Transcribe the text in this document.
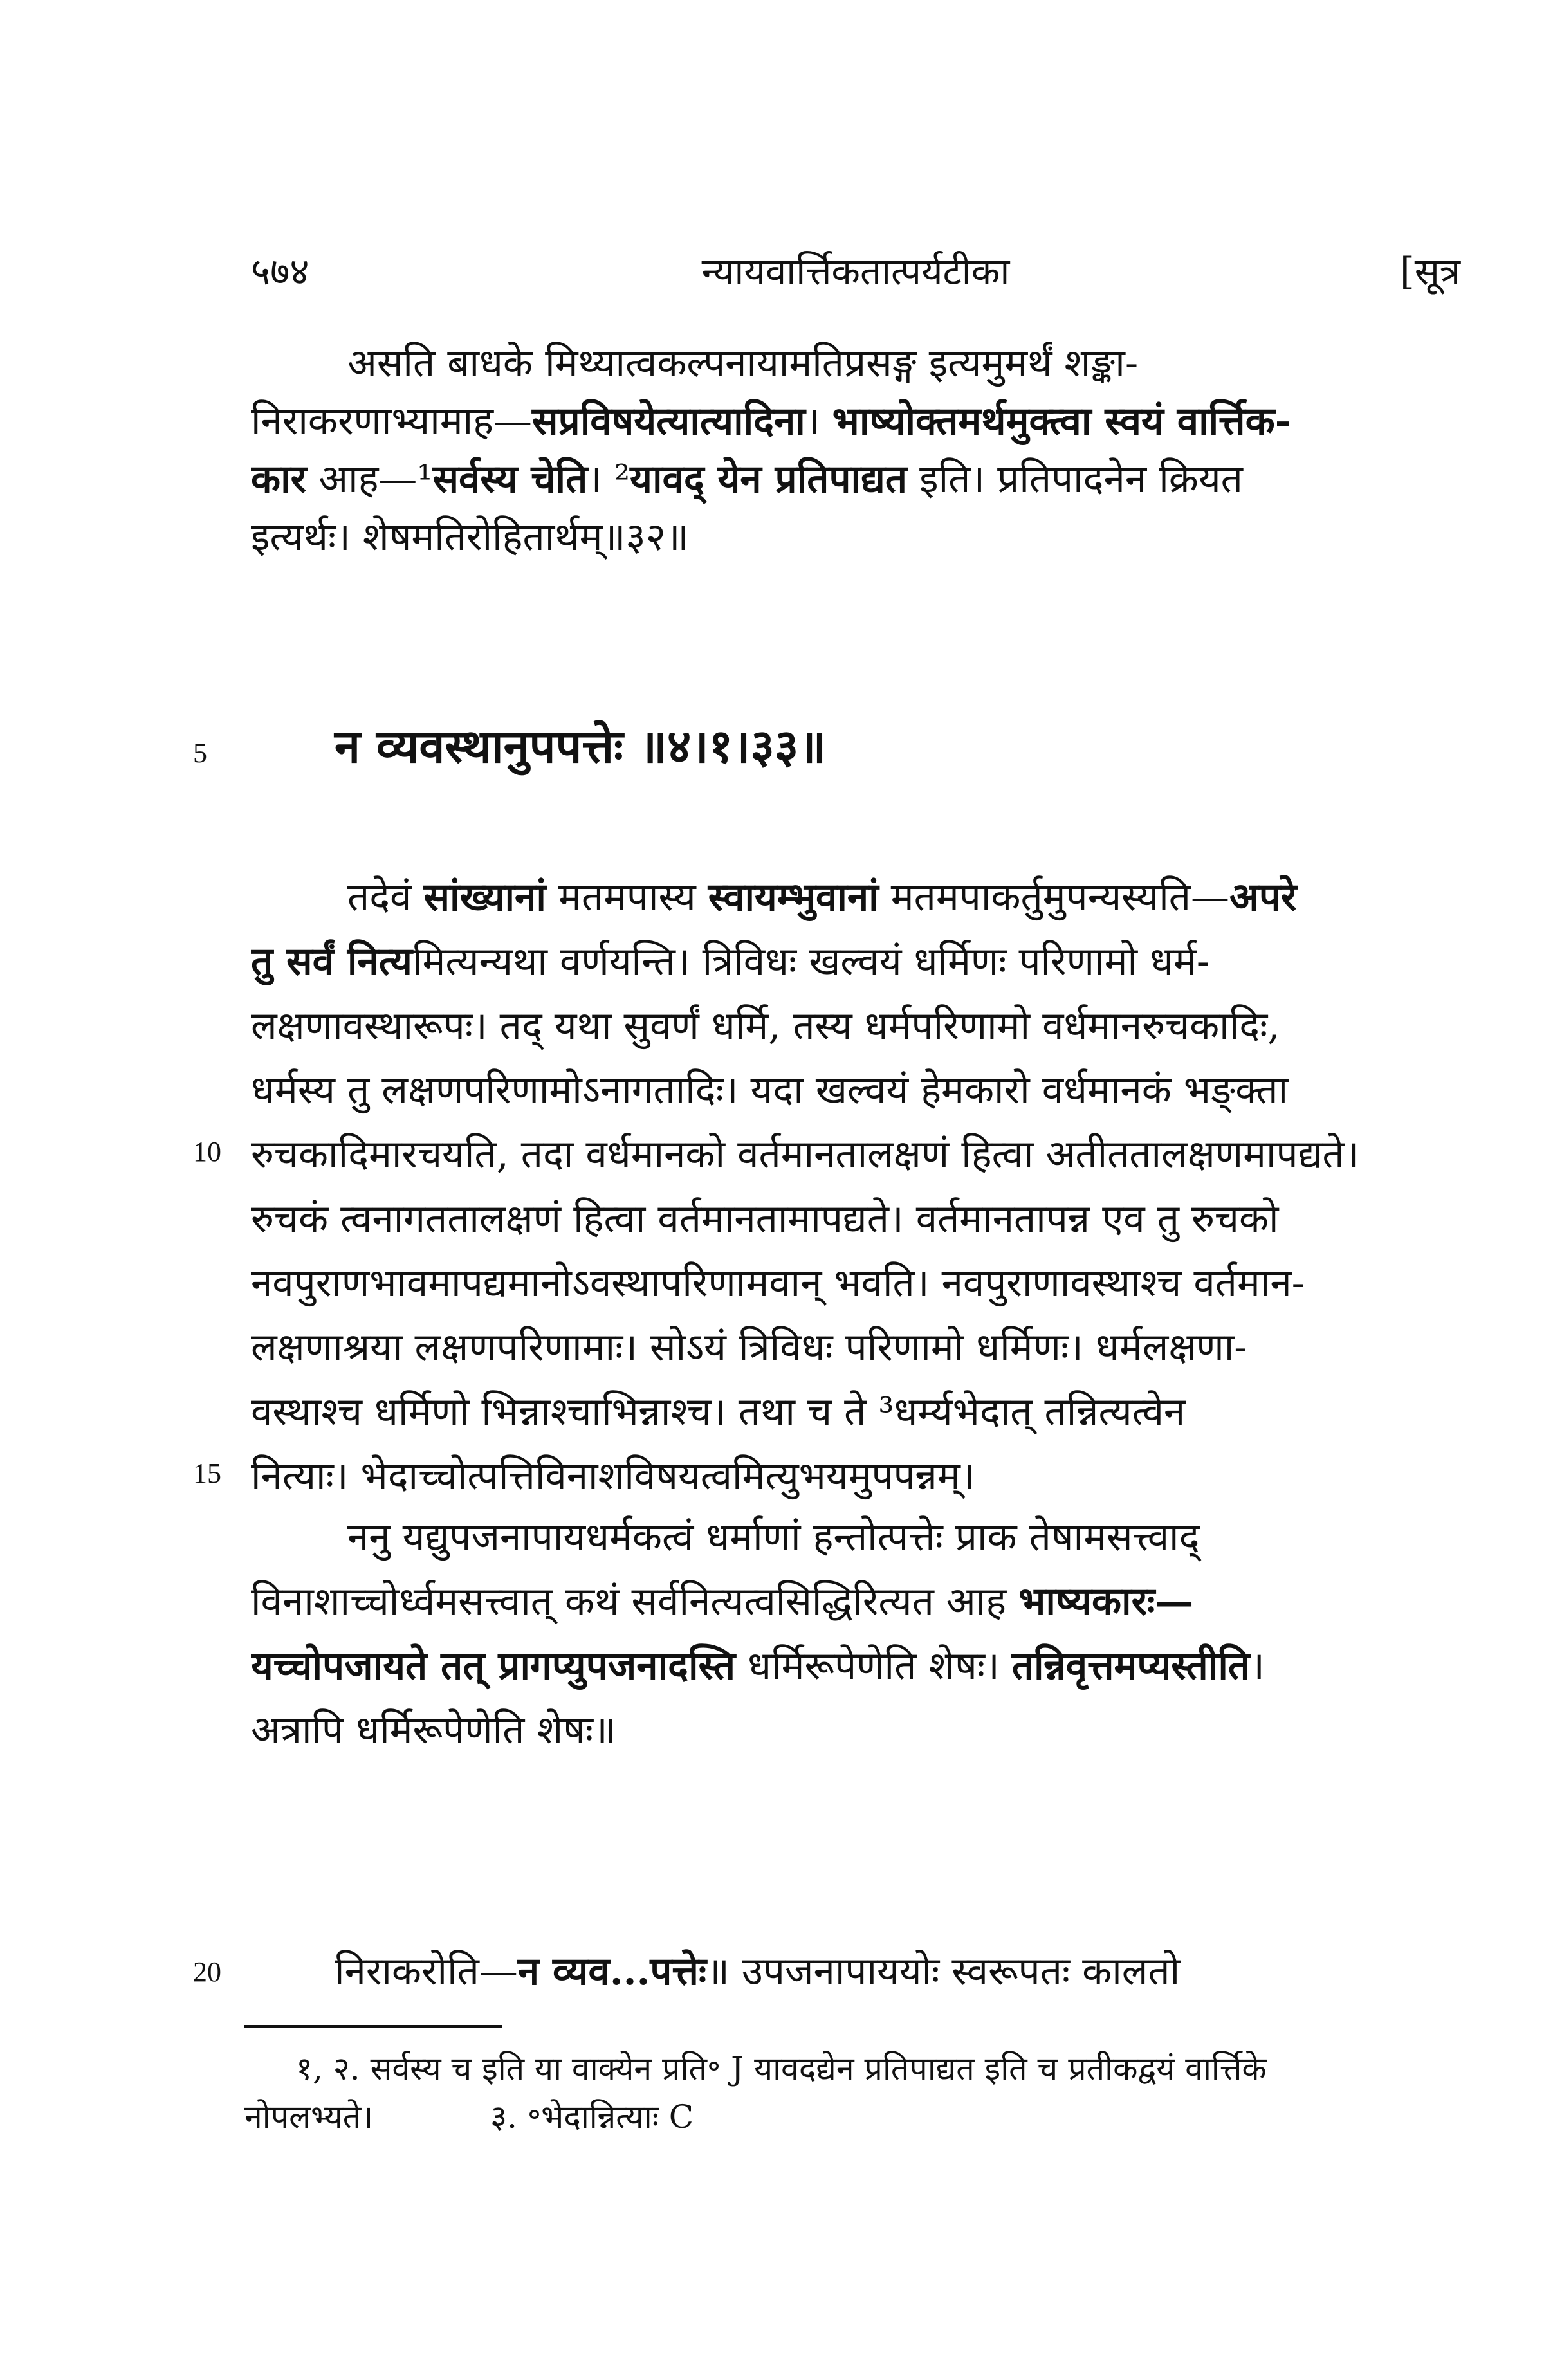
५७४	न्यायवार्त्तिकतात्पर्यटीका	[सूत्र
असति बाधके मिथ्यात्वकल्पनायामतिप्रसङ्ग इत्यमुमर्थं शङ्का-
निराकरणाभ्यामाह—सप्रविषयेत्यात्यादिना। भाष्योक्तमर्थमुक्त्वा स्वयं वार्त्तिक-
कार आह—¹सर्वस्य चेति। ²यावद् येन प्रतिपाद्यत इति। प्रतिपादनेन क्रियत
इत्यर्थः। शेषमतिरोहितार्थम्॥३२॥
5	न व्यवस्थानुपपत्तेः ॥४।१।३३॥
तदेवं सांख्यानां मतमपास्य स्वायम्भुवानां मतमपाकर्तुमुपन्यस्यति—अपरे
तु सर्वं नित्यमित्यन्यथा वर्णयन्ति। त्रिविधः खल्वयं धर्मिणः परिणामो धर्म-
लक्षणावस्थारूपः। तद् यथा सुवर्णं धर्मि, तस्य धर्मपरिणामो वर्धमानरुचकादिः,
धर्मस्य तु लक्षणपरिणामोऽनागतादिः। यदा खल्वयं हेमकारो वर्धमानकं भङ्क्ता
रुचकादिमारचयति, तदा वर्धमानको वर्तमानतालक्षणं हित्वा अतीततालक्षणमापद्यते।
रुचकं त्वनागततालक्षणं हित्वा वर्तमानतामापद्यते। वर्तमानतापन्न एव तु रुचको
नवपुराणभावमापद्यमानोऽवस्थापरिणामवान् भवति। नवपुराणावस्थाश्च वर्तमान-
लक्षणाश्रया लक्षणपरिणामाः। सोऽयं त्रिविधः परिणामो धर्मिणः। धर्मलक्षणा-
वस्थाश्च धर्मिणो भिन्नाश्चाभिन्नाश्च। तथा च ते ³धर्म्यभेदात् तन्नित्यत्वेन
नित्याः। भेदाच्चोत्पत्तिविनाशविषयत्वमित्युभयमुपपन्नम्।
10
15
ननु यद्युपजनापायधर्मकत्वं धर्माणां हन्तोत्पत्तेः प्राक तेषामसत्त्वाद्
विनाशाच्चोर्ध्वमसत्त्वात् कथं सर्वनित्यत्वसिद्धिरित्यत आह भाष्यकारः—
यच्चोपजायते तत् प्रागप्युपजनादस्ति धर्मिरूपेणेति शेषः। तन्निवृत्तमप्यस्तीति।
अत्रापि धर्मिरूपेणेति शेषः॥
20	निराकरोति—न व्यव...पत्तेः॥ उपजनापाययोः स्वरूपतः कालतो
१, २. सर्वस्य च इति या वाक्येन प्रति॰ J यावदद्येन प्रतिपाद्यत इति च प्रतीकद्वयं वार्त्तिके
नोपलभ्यते।	३. ॰भेदान्नित्याः C
